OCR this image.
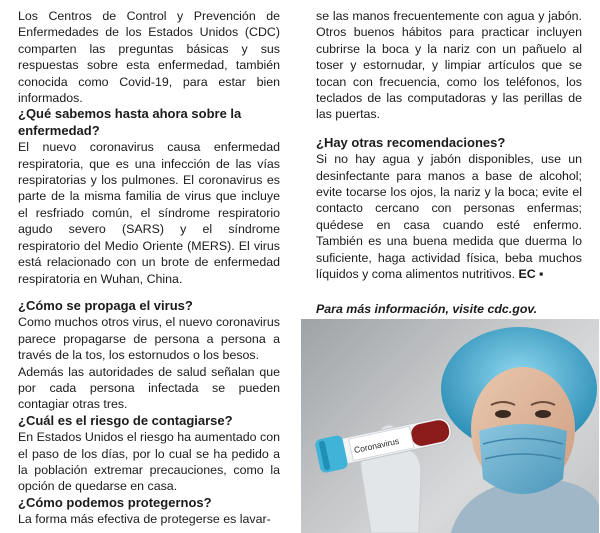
Los Centros de Control y Prevención de Enfermedades de los Estados Unidos (CDC) comparten las preguntas básicas y sus respuestas sobre esta enfermedad, también conocida como Covid-19, para estar bien informados.

¿Qué sabemos hasta ahora sobre la enfermedad?

El nuevo coronavirus causa enfermedad respiratoria, que es una infección de las vías respiratorias y los pulmones. El coronavirus es parte de la misma familia de virus que incluye el resfriado común, el síndrome respiratorio agudo severo (SARS) y el síndrome respiratorio del Medio Oriente (MERS). El virus está relacionado con un brote de enfermedad respiratoria en Wuhan, China.

¿Cómo se propaga el virus?

Como muchos otros virus, el nuevo coronavirus parece propagarse de persona a persona a través de la tos, los estornudos o los besos.

Además las autoridades de salud señalan que por cada persona infectada se pueden contagiar otras tres.

¿Cuál es el riesgo de contagiarse?

En Estados Unidos el riesgo ha aumentado con el paso de los días, por lo cual se ha pedido a la población extremar precauciones, como la opción de quedarse en casa.

¿Cómo podemos protegernos?

La forma más efectiva de protegerse es lavar-

se las manos frecuentemente con agua y jabón. Otros buenos hábitos para practicar incluyen cubrirse la boca y la nariz con un pañuelo al toser y estornudar, y limpiar artículos que se tocan con frecuencia, como los teléfonos, los teclados de las computadoras y las perillas de las puertas.

¿Hay otras recomendaciones?

Si no hay agua y jabón disponibles, use un desinfectante para manos a base de alcohol; evite tocarse los ojos, la nariz y la boca; evite el contacto cercano con personas enfermas; quédese en casa cuando esté enfermo. También es una buena medida que duerma lo suficiente, haga actividad física, beba muchos líquidos y coma alimentos nutritivos. EC ▪

Para más información, visite cdc.gov.

Coronavirus
